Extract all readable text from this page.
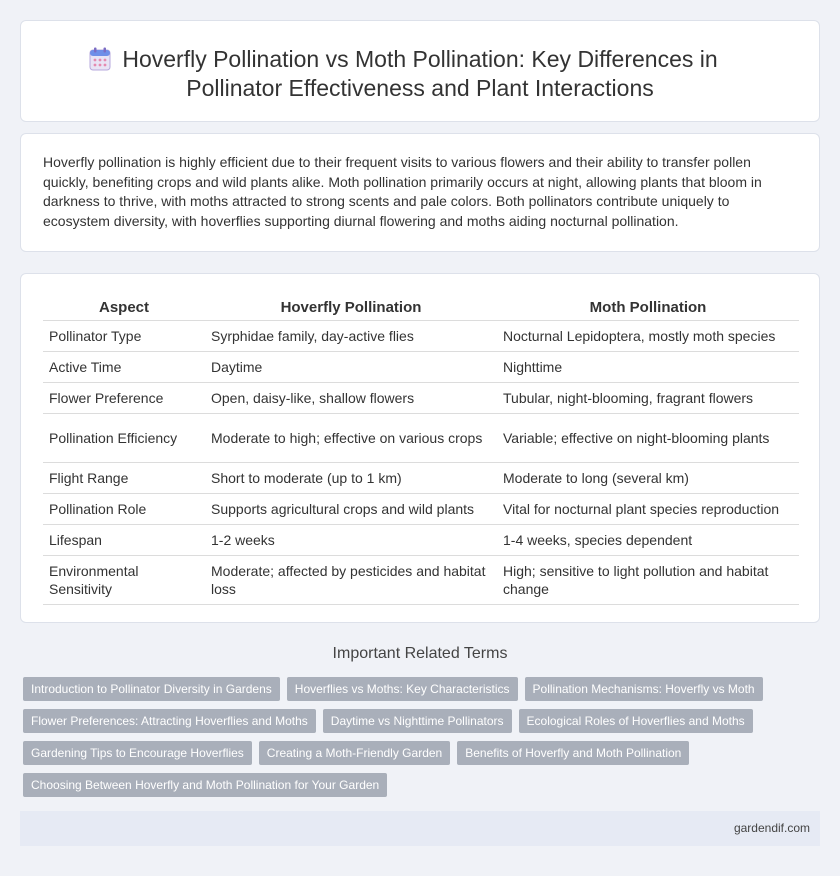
Hoverfly Pollination vs Moth Pollination: Key Differences in Pollinator Effectiveness and Plant Interactions

Hoverfly pollination is highly efficient due to their frequent visits to various flowers and their ability to transfer pollen quickly, benefiting crops and wild plants alike. Moth pollination primarily occurs at night, allowing plants that bloom in darkness to thrive, with moths attracted to strong scents and pale colors. Both pollinators contribute uniquely to ecosystem diversity, with hoverflies supporting diurnal flowering and moths aiding nocturnal pollination.

Aspect	Hoverfly Pollination	Moth Pollination
Pollinator Type	Syrphidae family, day-active flies	Nocturnal Lepidoptera, mostly moth species
Active Time	Daytime	Nighttime
Flower Preference	Open, daisy-like, shallow flowers	Tubular, night-blooming, fragrant flowers
Pollination Efficiency	Moderate to high; effective on various crops	Variable; effective on night-blooming plants
Flight Range	Short to moderate (up to 1 km)	Moderate to long (several km)
Pollination Role	Supports agricultural crops and wild plants	Vital for nocturnal plant species reproduction
Lifespan	1-2 weeks	1-4 weeks, species dependent
Environmental Sensitivity	Moderate; affected by pesticides and habitat loss	High; sensitive to light pollution and habitat change
Important Related Terms
Introduction to Pollinator Diversity in Gardens	Hoverflies vs Moths: Key Characteristics	Pollination Mechanisms: Hoverfly vs Moth
Flower Preferences: Attracting Hoverflies and Moths	Daytime vs Nighttime Pollinators	Ecological Roles of Hoverflies and Moths
Gardening Tips to Encourage Hoverflies	Creating a Moth-Friendly Garden	Benefits of Hoverfly and Moth Pollination
Choosing Between Hoverfly and Moth Pollination for Your Garden
gardendif.com
